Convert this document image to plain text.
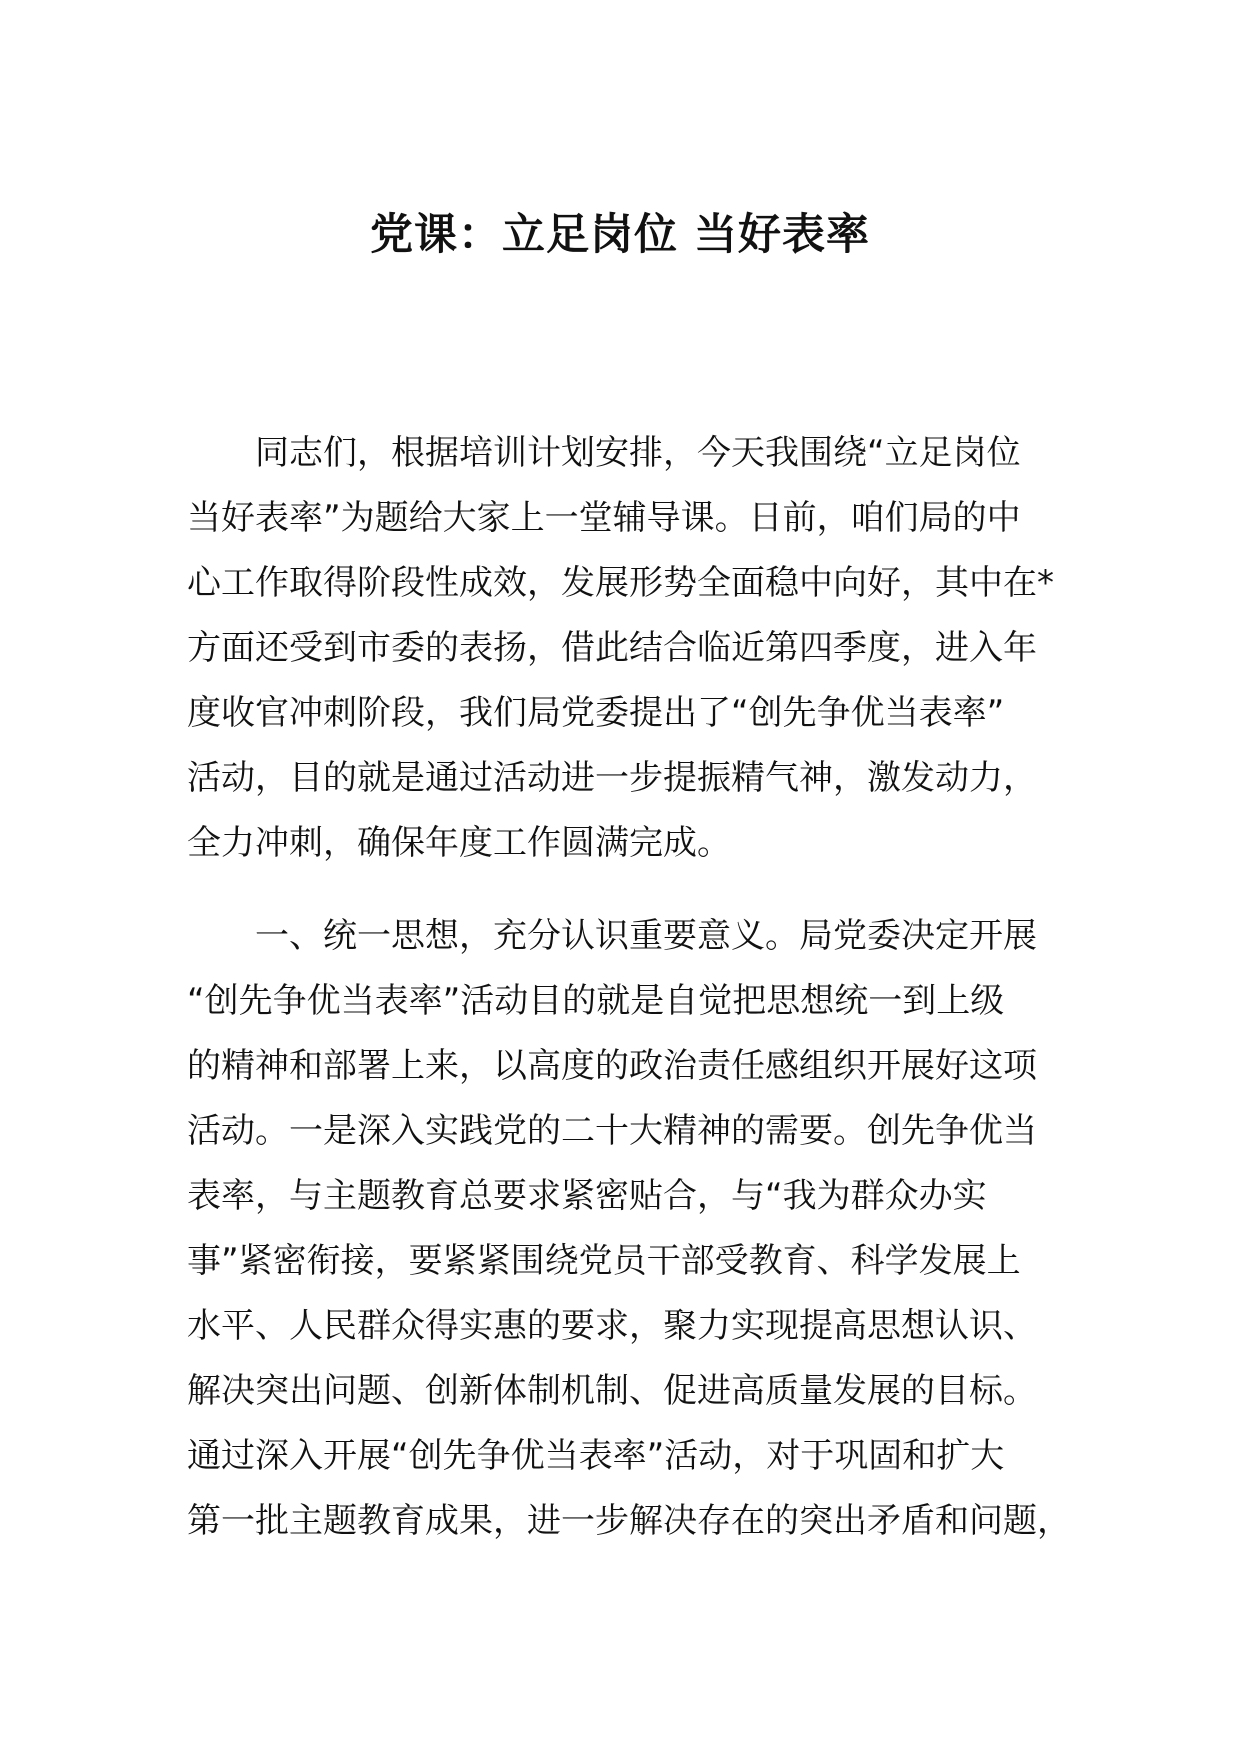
党课：立足岗位 当好表率
同志们，根据培训计划安排，今天我围绕“立足岗位
当好表率”为题给大家上一堂辅导课。日前，咱们局的中
心工作取得阶段性成效，发展形势全面稳中向好，其中在*
方面还受到市委的表扬，借此结合临近第四季度，进入年
度收官冲刺阶段，我们局党委提出了“创先争优当表率”
活动，目的就是通过活动进一步提振精气神，激发动力，
全力冲刺，确保年度工作圆满完成。
一、统一思想，充分认识重要意义。局党委决定开展
“创先争优当表率”活动目的就是自觉把思想统一到上级
的精神和部署上来，以高度的政治责任感组织开展好这项
活动。一是深入实践党的二十大精神的需要。创先争优当
表率，与主题教育总要求紧密贴合，与“我为群众办实
事”紧密衔接，要紧紧围绕党员干部受教育、科学发展上
水平、人民群众得实惠的要求，聚力实现提高思想认识、
解决突出问题、创新体制机制、促进高质量发展的目标。
通过深入开展“创先争优当表率”活动，对于巩固和扩大
第一批主题教育成果，进一步解决存在的突出矛盾和问题，
